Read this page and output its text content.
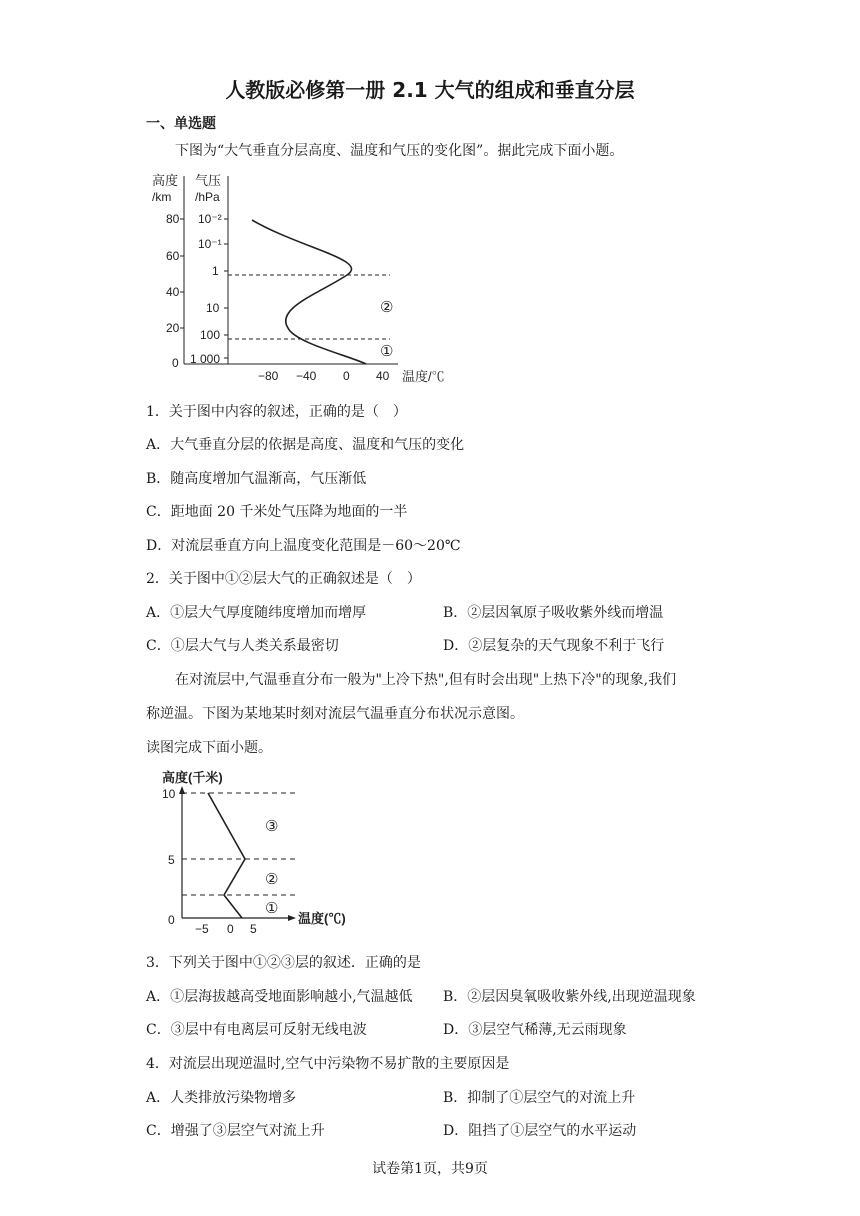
人教版必修第一册 2.1 大气的组成和垂直分层
一、单选题
下图为“大气垂直分层高度、温度和气压的变化图”。据此完成下面小题。
高度
/km
气压
/hPa
80
60
40
20
0
10⁻²
10⁻¹
1
10
100
1 000
−80 −40 0 40 温度/℃
②
①
1．关于图中内容的叙述，正确的是（　）
A．大气垂直分层的依据是高度、温度和气压的变化
B．随高度增加气温渐高，气压渐低
C．距地面 20 千米处气压降为地面的一半
D．对流层垂直方向上温度变化范围是－60～20℃
2．关于图中①②层大气的正确叙述是（　）
A．①层大气厚度随纬度增加而增厚	B．②层因氧原子吸收紫外线而增温
C．①层大气与人类关系最密切	D．②层复杂的天气现象不利于飞行
在对流层中,气温垂直分布一般为"上冷下热",但有时会出现"上热下冷"的现象,我们
称逆温。下图为某地某时刻对流层气温垂直分布状况示意图。
读图完成下面小题。
高度(千米)
10
5
0
−5 0 5
温度(℃)
③
②
①
3．下列关于图中①②③层的叙述．正确的是
A．①层海拔越高受地面影响越小,气温越低 B．②层因臭氧吸收紫外线,出现逆温现象
C．③层中有电离层可反射无线电波	D．③层空气稀薄,无云雨现象
4．对流层出现逆温时,空气中污染物不易扩散的主要原因是
A．人类排放污染物增多	B．抑制了①层空气的对流上升
C．增强了③层空气对流上升	D．阻挡了①层空气的水平运动
试卷第1页，共9页
